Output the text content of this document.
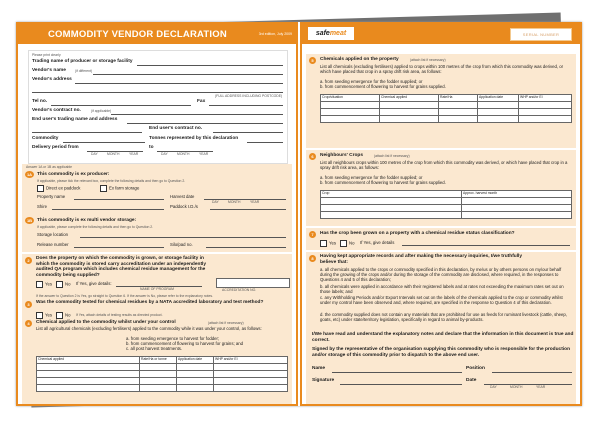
COMMODITY VENDOR DECLARATION	3rd edition, July 2009
Please print clearly
Trading name of producer or storage facility
Vendor's name	(if different)
Vendor's address
(FULL ADDRESS INCLUDING POSTCODE)
Tel no.	Fax
Vendor's contract no.	(if applicable)
End user's trading name and address
End user's contract no.
Commodity	Tonnes represented by this declaration
Delivery period from
DAY	MONTH	YEAR
to
DAY	MONTH	YEAR
Answer 1A or 1B as applicable
1A	This commodity is ex producer:
If applicable, please tick the relevant box, complete the following details and then go to Question 2.
Direct ex paddock	Ex farm storage
Property name	Harvest date
DAY	MONTH	YEAR
Shire	Paddock I.D./s
1B	This commodity is ex multi vendor storage:
If applicable, please complete the following details and then go to Question 2.
Storage location
Release number	Silo/pad no.
2	Does the property on which the commodity is grown, or storage facility in which the commodity is stored carry accreditation under an independently audited QA program which includes chemical residue management for the commodity being supplied?
Yes	No If Yes, give details:
NAME OF PROGRAM	ACCREDITATION NO.
If the answer to Question 2 is Yes, go straight to Question 6. If the answer is No, please refer to the explanatory notes.
3	Was the commodity tested for chemical residues by a NATA accredited laboratory and test method?
Yes	No If Yes, attach details of testing results as directed product.
4	Chemical applied to the commodity whilst under your control	(attach list if necessary)
List all agricultural chemicals (excluding fertilisers) applied to the commodity while it was under your control, as follows:
a. from seeding emergence to harvest for fodder;
b. from commencement of flowering to harvest for grains; and
c. all post harvest treatments.
Chemical applied	Rate/Ha or tonne	Application date	WHP and/or EI

safemeat	SERIAL NUMBER
5	Chemicals applied on the property	(attach list if necessary)
List all chemicals (excluding fertilisers) applied to crops within 100 metres of the crop from which this commodity was derived, or which have placed that crop in a spray drift risk area, as follows:
a. from seeding emergence for the fodder supplied; or
b. from commencement of flowering to harvest for grains supplied.
Crop/situation	Chemical applied	Rate/Ha	Application date	WHP and/or EI

6	Neighbours' Crops	(attach list if necessary)
List all neighbours crops within 100 metres of the crop from which this commodity was derived, or which have placed that crop in a spray drift risk area, as follows:
a. from seeding emergence for the fodder supplied; or
b. from commencement of flowering to harvest for grains supplied.
Crop	Approx. harvest month

7	Has the crop been grown on a property with a chemical residue status classification?
Yes	No If Yes, give details
8	Having kept appropriate records and after making the necessary inquiries, I/we truthfully believe that:
a. all chemicals applied to the crops or commodity specified in this declaration, by me/us or by others persons on my/our behalf during the growing of the crops and/or during the storage of the commodity are disclosed, where required, in the responses to Questions 4 and 5 of this declaration;
b. all chemicals were applied in accordance with their registered labels and at rates not exceeding the maximum rates set out on those labels; and
c. any Withholding Periods and/or Export Intervals set out on the labels of the chemicals applied to the crop or commodity whilst under my control have been observed and, where required, are specified in the response to Question 4 of this declaration.
d. the commodity supplied does not contain any materials that are prohibited for use as feeds for ruminant livestock (cattle, sheep, goats, etc) under state/territory legislation, specifically in regard to animal by-products.
I/We have read and understand the explanatory notes and declare that the information in this document is true and correct.
Signed by the representative of the organisation supplying this commodity who is responsible for the production and/or storage of this commodity prior to dispatch to the above end user.
Name	Position
Signature	Date
DAY	MONTH	YEAR
